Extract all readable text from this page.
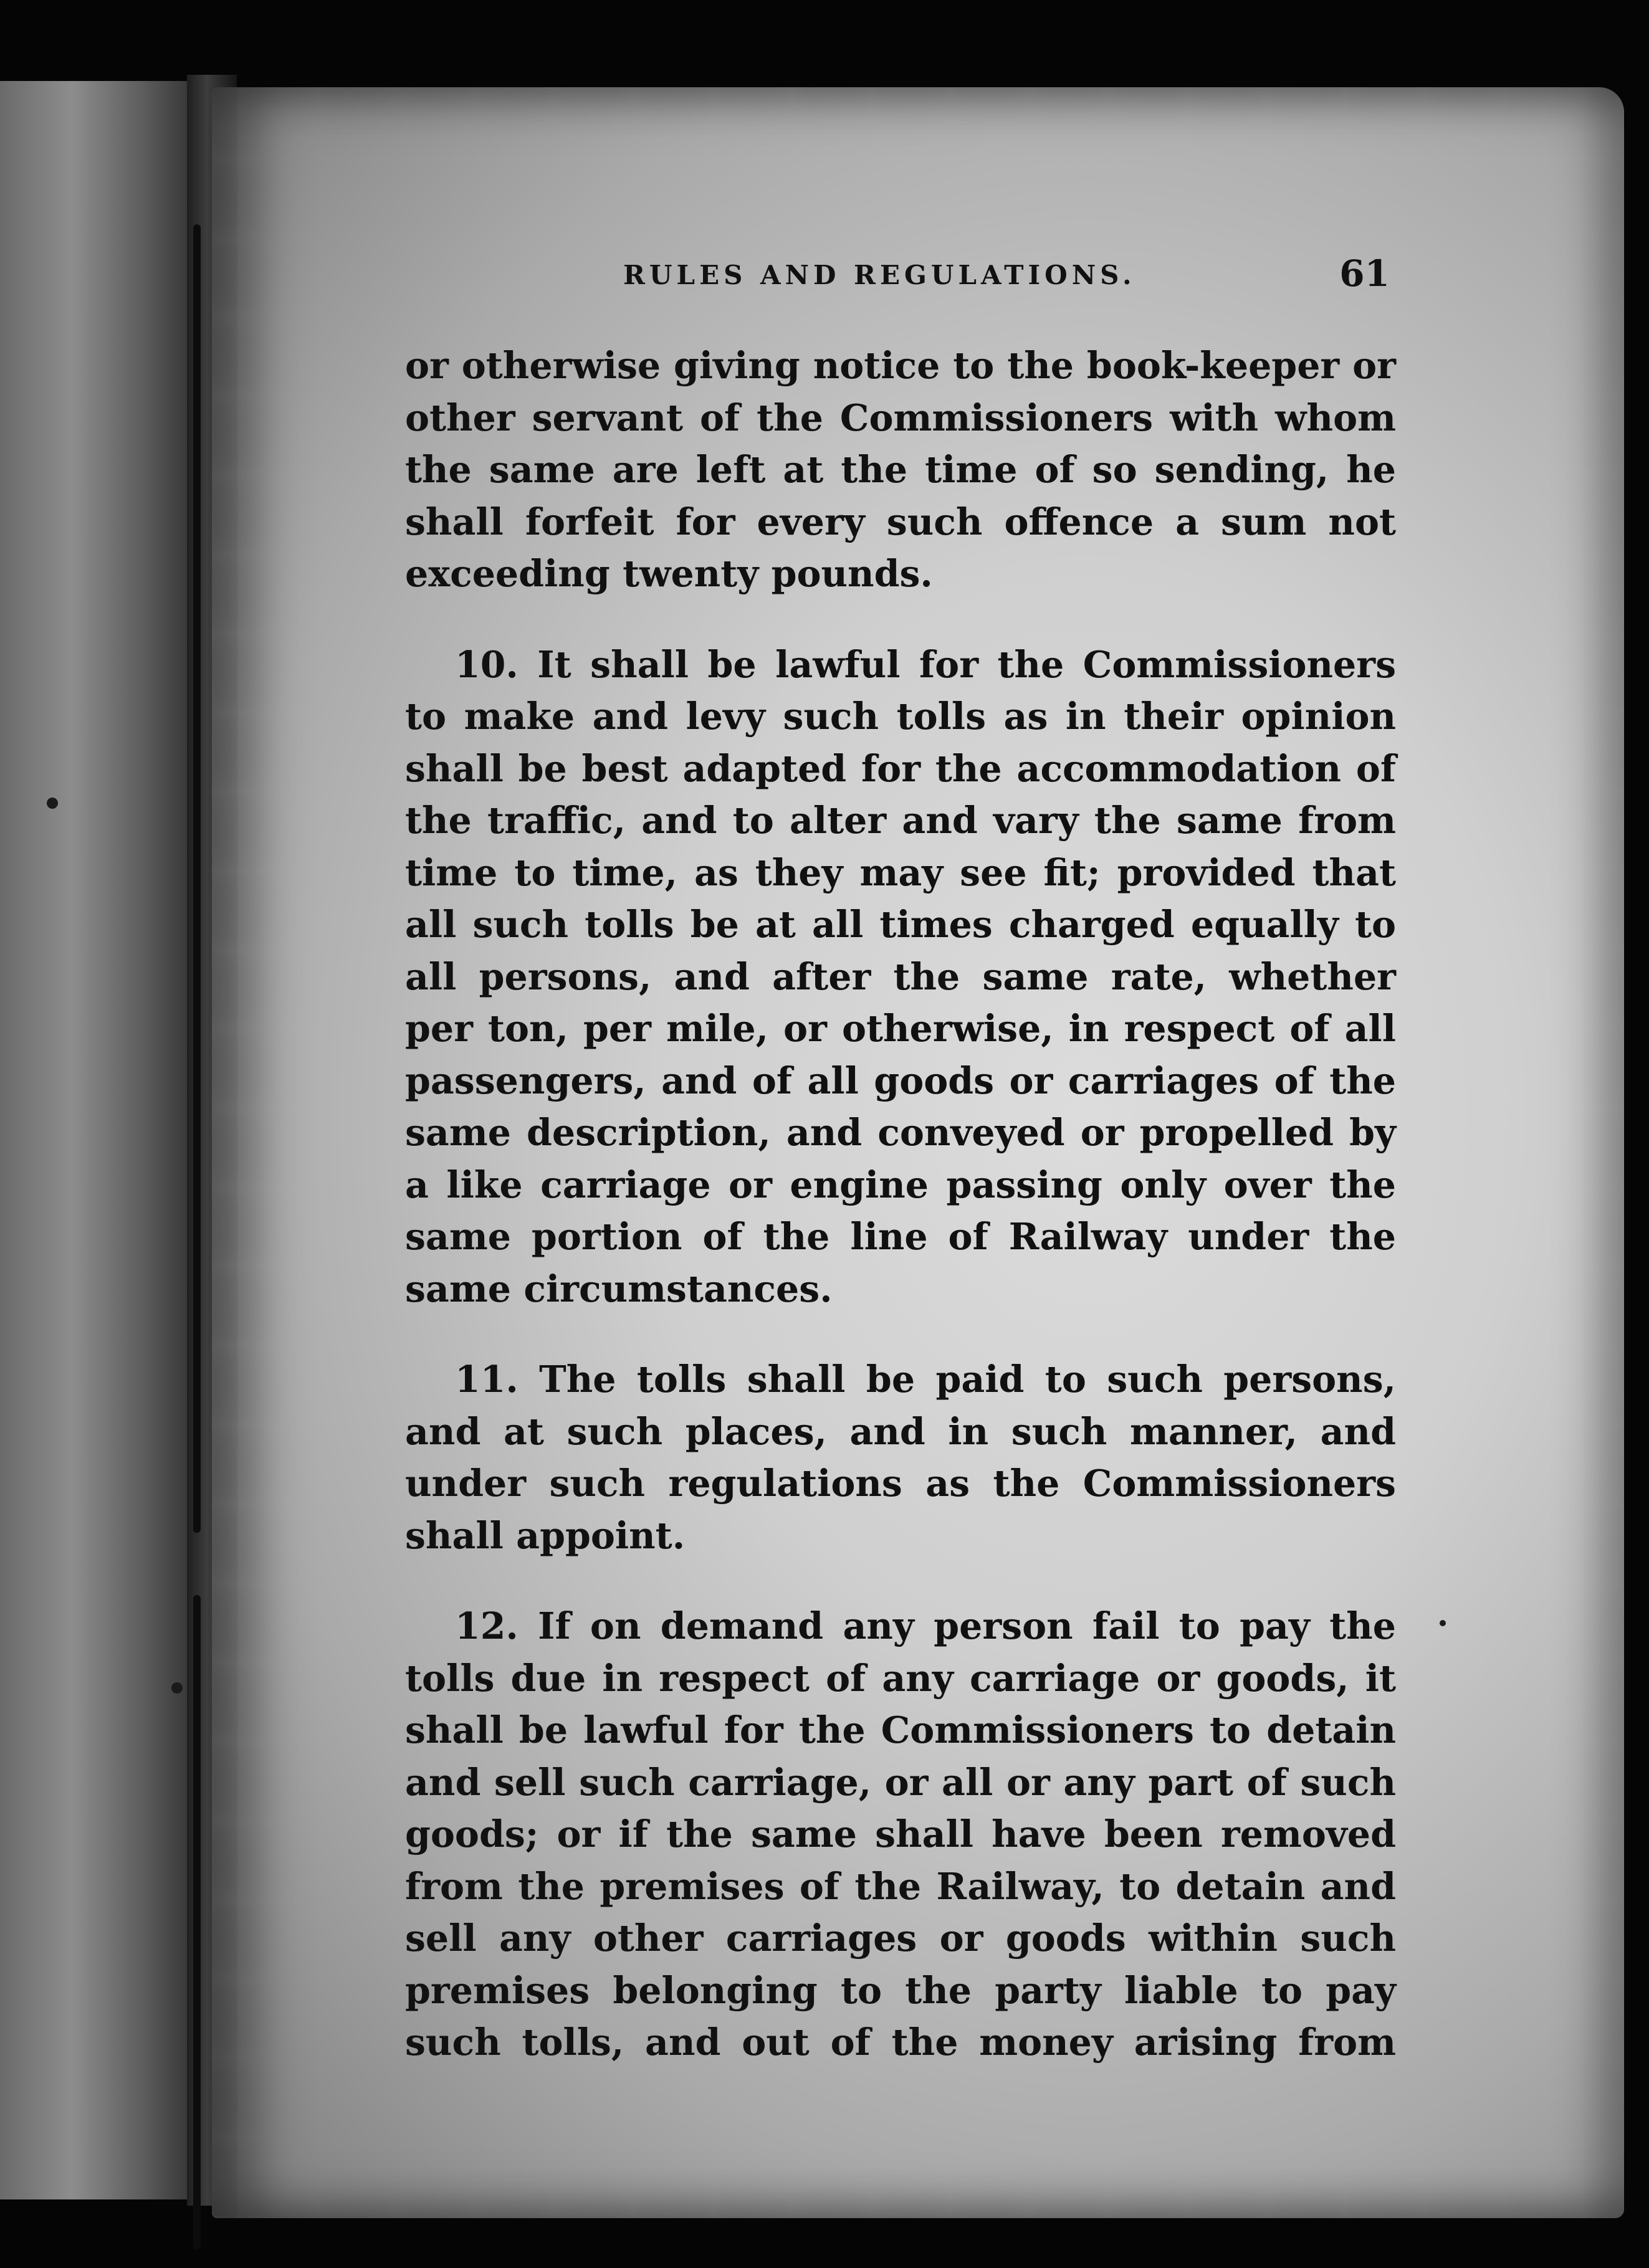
RULES AND REGULATIONS.	61
or otherwise giving notice to the book-keeper or
other servant of the Commissioners with whom
the same are left at the time of so sending, he
shall forfeit for every such offence a sum not
exceeding twenty pounds.
10. It shall be lawful for the Commissioners
to make and levy such tolls as in their opinion
shall be best adapted for the accommodation of
the traffic, and to alter and vary the same from
time to time, as they may see fit; provided that
all such tolls be at all times charged equally to
all persons, and after the same rate, whether
per ton, per mile, or otherwise, in respect of all
passengers, and of all goods or carriages of the
same description, and conveyed or propelled by
a like carriage or engine passing only over the
same portion of the line of Railway under the
same circumstances.
11. The tolls shall be paid to such persons,
and at such places, and in such manner, and
under such regulations as the Commissioners
shall appoint.
12. If on demand any person fail to pay the
tolls due in respect of any carriage or goods, it
shall be lawful for the Commissioners to detain
and sell such carriage, or all or any part of such
goods; or if the same shall have been removed
from the premises of the Railway, to detain and
sell any other carriages or goods within such
premises belonging to the party liable to pay
such tolls, and out of the money arising from
